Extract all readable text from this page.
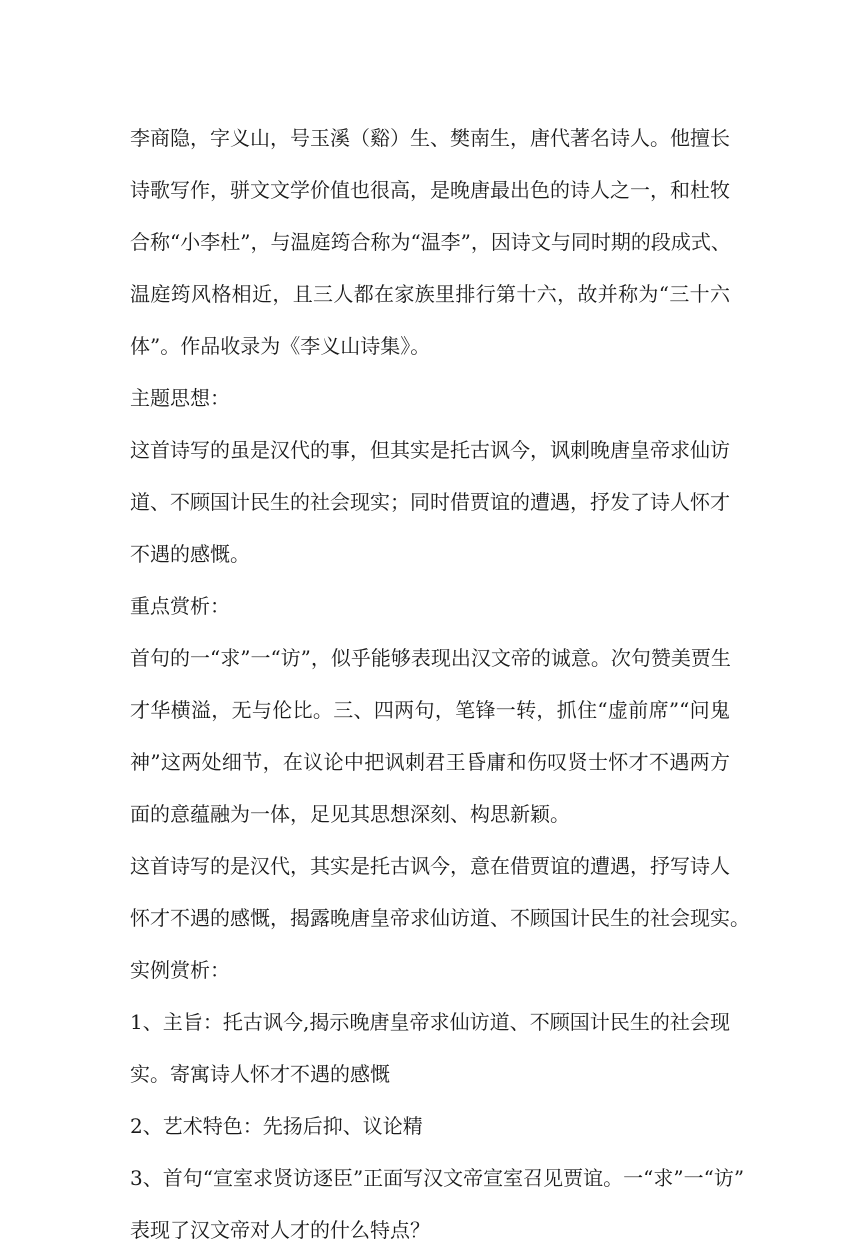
李商隐，字义山，号玉溪（谿）生、樊南生，唐代著名诗人。他擅长
诗歌写作，骈文文学价值也很高，是晚唐最出色的诗人之一，和杜牧
合称“小李杜”，与温庭筠合称为“温李”，因诗文与同时期的段成式、
温庭筠风格相近，且三人都在家族里排行第十六，故并称为“三十六
体”。作品收录为《李义山诗集》。
主题思想：
这首诗写的虽是汉代的事，但其实是托古讽今，讽刺晚唐皇帝求仙访
道、不顾国计民生的社会现实；同时借贾谊的遭遇，抒发了诗人怀才
不遇的感慨。
重点赏析：
首句的一“求”一“访”，似乎能够表现出汉文帝的诚意。次句赞美贾生
才华横溢，无与伦比。三、四两句，笔锋一转，抓住“虚前席”“问鬼
神”这两处细节，在议论中把讽刺君王昏庸和伤叹贤士怀才不遇两方
面的意蕴融为一体，足见其思想深刻、构思新颖。
这首诗写的是汉代，其实是托古讽今，意在借贾谊的遭遇，抒写诗人
怀才不遇的感慨，揭露晚唐皇帝求仙访道、不顾国计民生的社会现实。
实例赏析：
1、主旨：托古讽今,揭示晚唐皇帝求仙访道、不顾国计民生的社会现
实。寄寓诗人怀才不遇的感慨
2、艺术特色：先扬后抑、议论精
3、首句“宣室求贤访逐臣”正面写汉文帝宣室召见贾谊。一“求”一“访”
表现了汉文帝对人才的什么特点？
